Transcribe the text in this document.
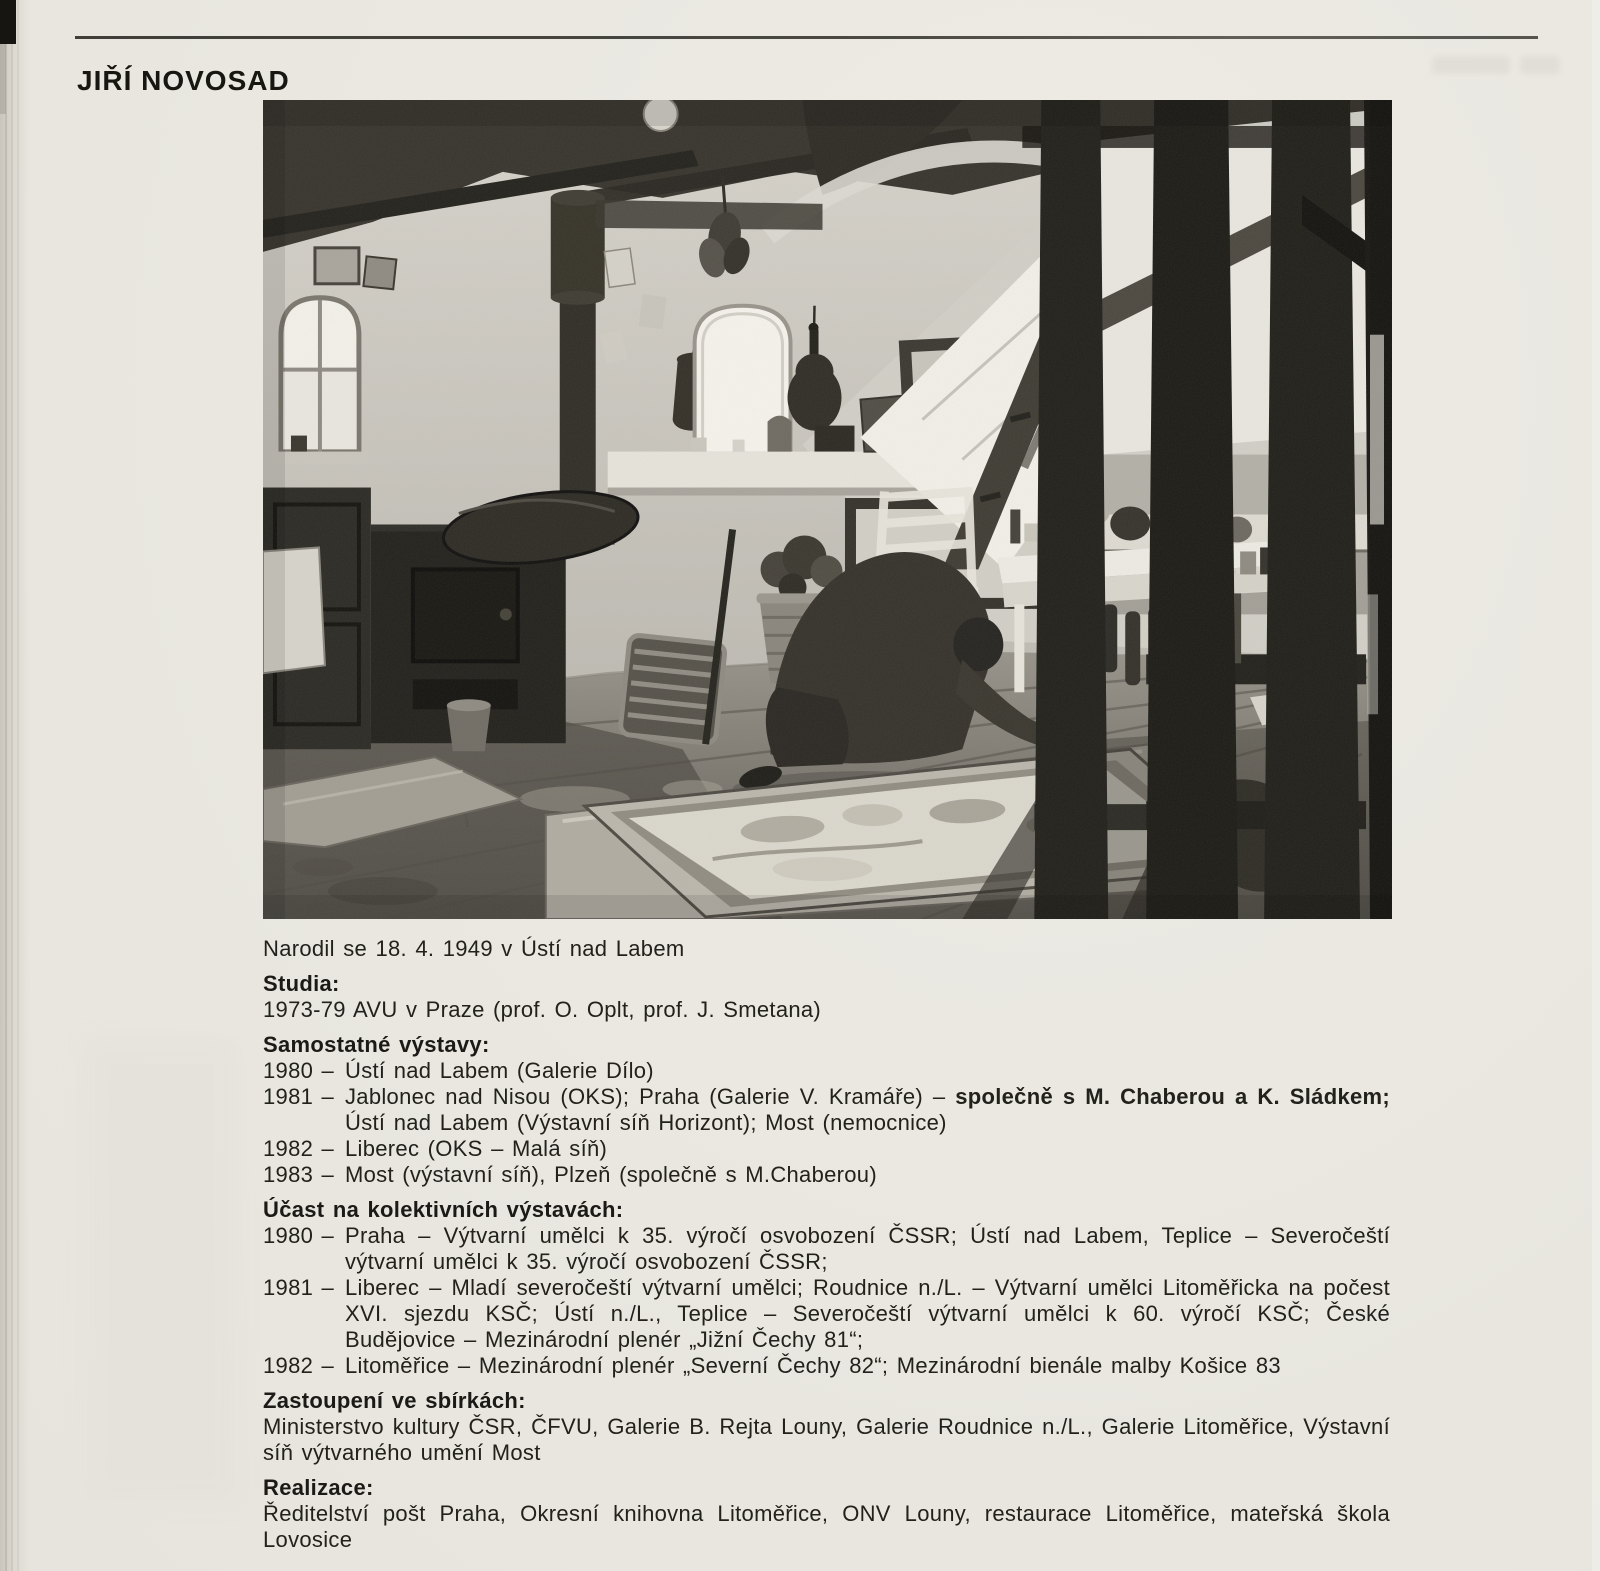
JIŘÍ NOVOSAD
Narodil se 18. 4. 1949 v Ústí nad Labem
Studia:
1973-79 AVU v Praze (prof. O. Oplt, prof. J. Smetana)
Samostatné výstavy:
1980 – Ústí nad Labem (Galerie Dílo)
1981 – Jablonec nad Nisou (OKS); Praha (Galerie V. Kramáře) – společně s M. Chaberou a K. Sládkem; Ústí nad Labem (Výstavní síň Horizont); Most (nemocnice)
1982 – Liberec (OKS – Malá síň)
1983 – Most (výstavní síň), Plzeň (společně s M.Chaberou)
Účast na kolektivních výstavách:
1980 – Praha – Výtvarní umělci k 35. výročí osvobození ČSSR; Ústí nad Labem, Teplice – Severočeští výtvarní umělci k 35. výročí osvobození ČSSR;
1981 – Liberec – Mladí severočeští výtvarní umělci; Roudnice n./L. – Výtvarní umělci Litoměřicka na počest XVI. sjezdu KSČ; Ústí n./L., Teplice – Severočeští výtvarní umělci k 60. výročí KSČ; České Budějovice – Mezinárodní plenér „Jižní Čechy 81“;
1982 – Litoměřice – Mezinárodní plenér „Severní Čechy 82“; Mezinárodní bienále malby Košice 83
Zastoupení ve sbírkách:
Ministerstvo kultury ČSR, ČFVU, Galerie B. Rejta Louny, Galerie Roudnice n./L., Galerie Litoměřice, Výstavní síň výtvarného umění Most
Realizace:
Ředitelství pošt Praha, Okresní knihovna Litoměřice, ONV Louny, restaurace Litoměřice, mateřská škola Lovosice
